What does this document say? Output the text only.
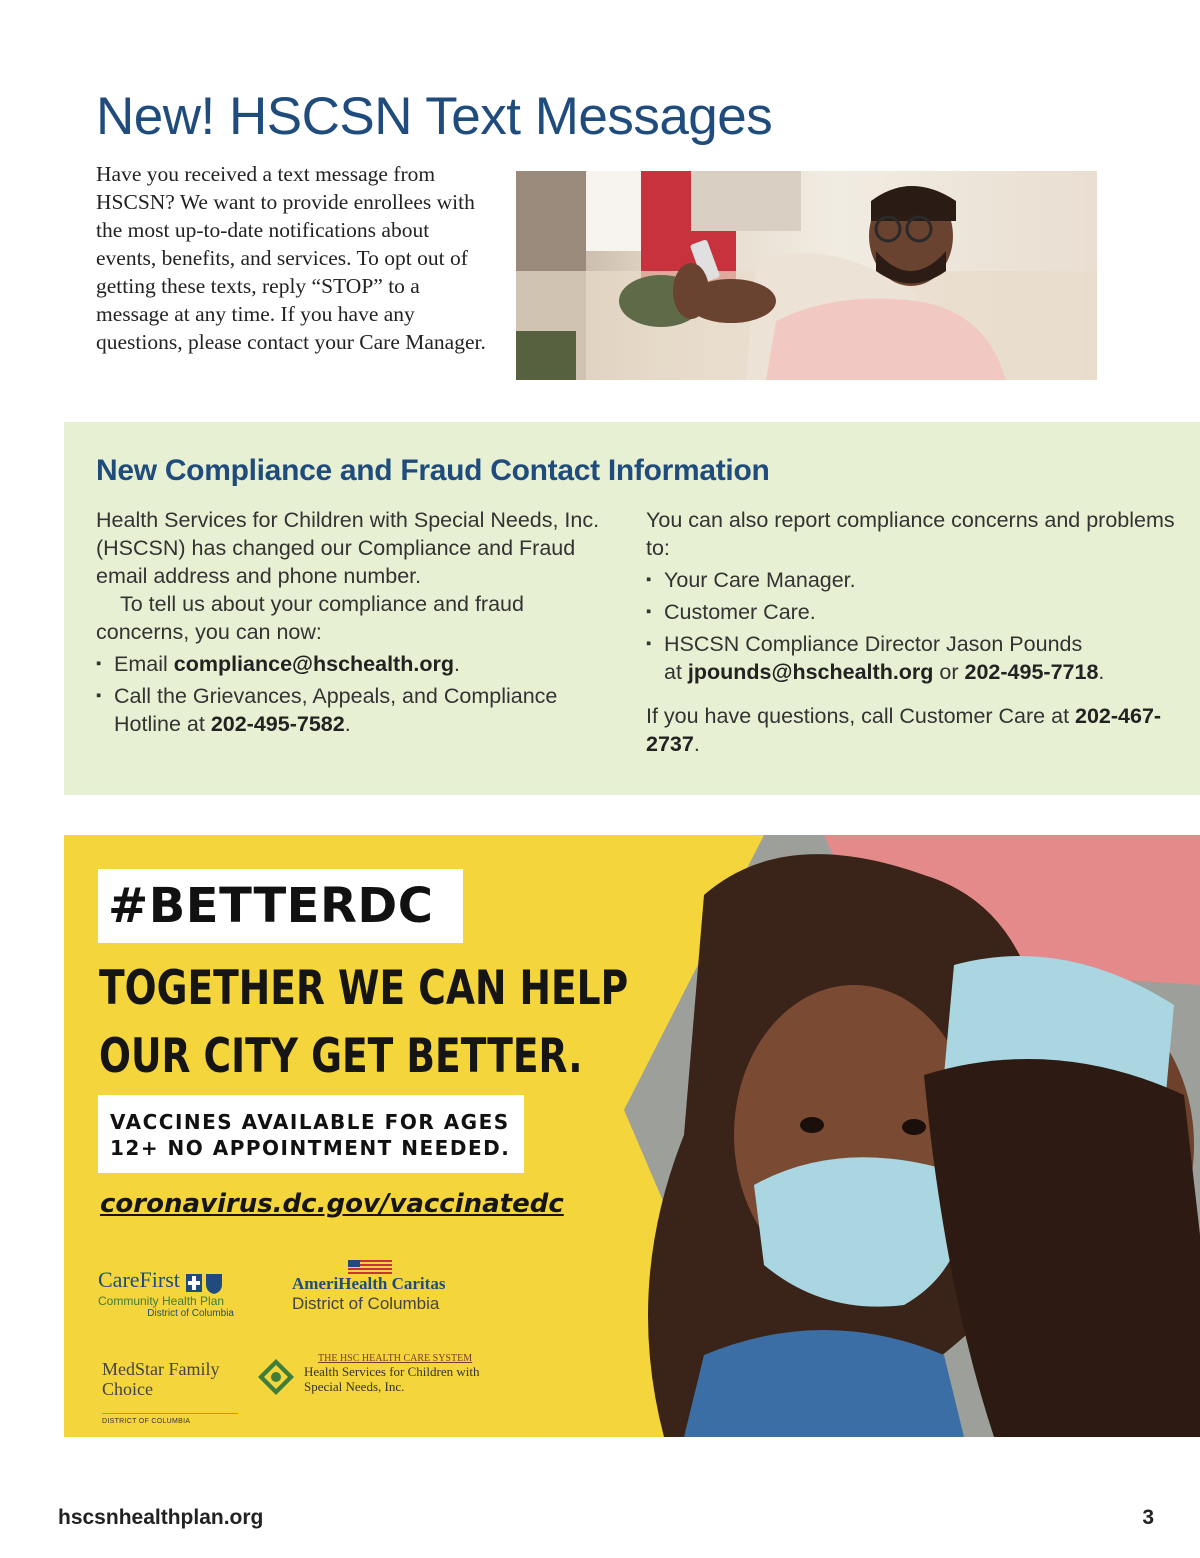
New! HSCSN Text Messages

Have you received a text message from HSCSN? We want to provide enrollees with the most up-to-date notifications about events, benefits, and services. To opt out of getting these texts, reply “STOP” to a message at any time. If you have any questions, please contact your Care Manager.

New Compliance and Fraud Contact Information

Health Services for Children with Special Needs, Inc. (HSCSN) has changed our Compliance and Fraud email address and phone number.

To tell us about your compliance and fraud concerns, you can now:

▪ Email compliance@hschealth.org.
▪ Call the Grievances, Appeals, and Compliance Hotline at 202-495-7582.

You can also report compliance concerns and problems to:

▪ Your Care Manager.
▪ Customer Care.
▪ HSCSN Compliance Director Jason Pounds
at jpounds@hschealth.org or 202-495-7718.

If you have questions, call Customer Care at 202-467-2737.

#BETTERDC
TOGETHER WE CAN HELP
OUR CITY GET BETTER.
VACCINES AVAILABLE FOR AGES
12+ NO APPOINTMENT NEEDED.
coronavirus.dc.gov/vaccinatedc
CareFirst
Community Health Plan
District of Columbia
AmeriHealth Caritas
District of Columbia
MedStar Family Choice
DISTRICT OF COLUMBIA
THE HSC HEALTH CARE SYSTEM
Health Services for Children with Special Needs, Inc.
hscsnhealthplan.org	3
